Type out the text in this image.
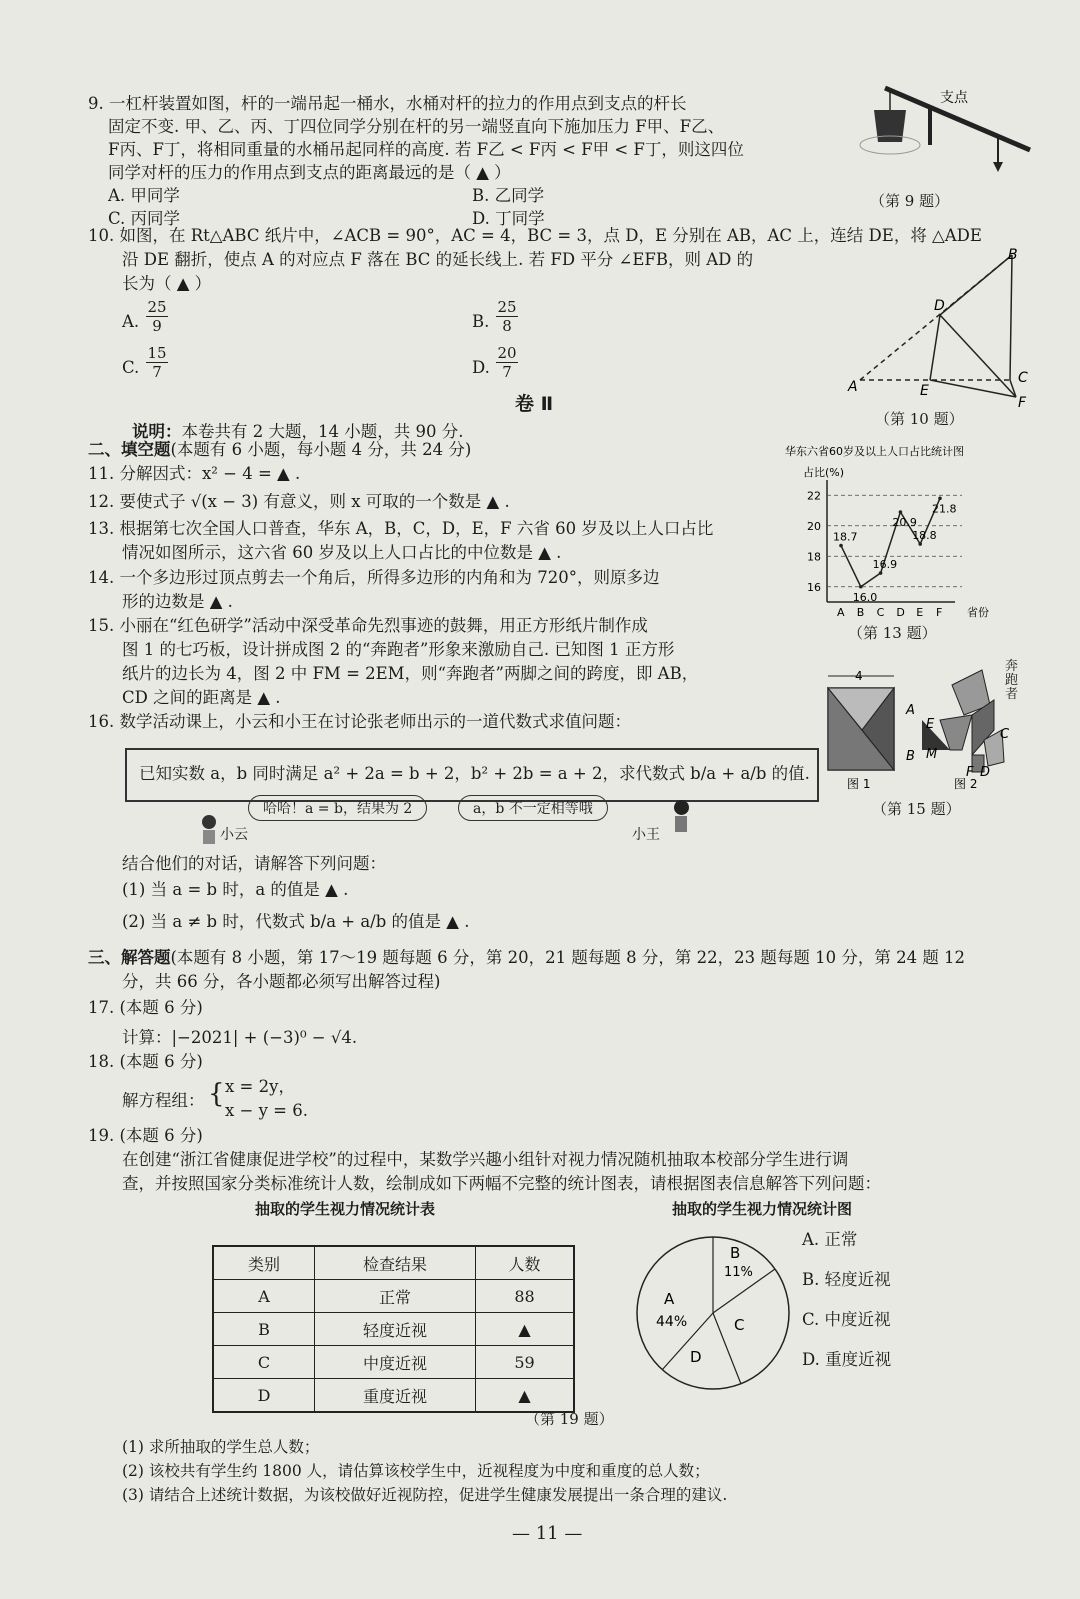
9. 一杠杆装置如图，杆的一端吊起一桶水，水桶对杆的拉力的作用点到支点的杆长
固定不变. 甲、乙、丙、丁四位同学分别在杆的另一端竖直向下施加压力 F甲、F乙、
F丙、F丁，将相同重量的水桶吊起同样的高度. 若 F乙 < F丙 < F甲 < F丁，则这四位
同学对杆的压力的作用点到支点的距离最远的是（ ▲ ）
A. 甲同学	B. 乙同学
C. 丙同学	D. 丁同学
支点
（第 9 题）
10. 如图，在 Rt△ABC 纸片中，∠ACB = 90°，AC = 4，BC = 3，点 D，E 分别在 AB，AC 上，连结 DE，将 △ADE
沿 DE 翻折，使点 A 的对应点 F 落在 BC 的延长线上. 若 FD 平分 ∠EFB，则 AD 的
长为（ ▲ ）
A. $\frac{25}{9}$	B. $\frac{25}{8}$
C. $\frac{15}{7}$	D. $\frac{20}{7}$
A
B
C
D
E
F
（第 10 题）
卷 Ⅱ
说明：本卷共有 2 大题，14 小题，共 90 分.
二、填空题(本题有 6 小题，每小题 4 分，共 24 分)
11. 分解因式：x² − 4 = ▲ .
12. 要使式子 √(x − 3) 有意义，则 x 可取的一个数是 ▲ .
13. 根据第七次全国人口普查，华东 A，B，C，D，E，F 六省 60 岁及以上人口占比
情况如图所示，这六省 60 岁及以上人口占比的中位数是 ▲ .
华东六省60岁及以上人口占比统计图
占比(%)
16
18
20
22
A B C D E F
18.7
16.0
16.9
20.9
18.8
21.8
省份
（第 13 题）
14. 一个多边形过顶点剪去一个角后，所得多边形的内角和为 720°，则原多边
形的边数是 ▲ .
15. 小丽在“红色研学”活动中深受革命先烈事迹的鼓舞，用正方形纸片制作成
图 1 的七巧板，设计拼成图 2 的“奔跑者”形象来激励自己. 已知图 1 正方形
纸片的边长为 4，图 2 中 FM = 2EM，则“奔跑者”两脚之间的跨度，即 AB，
CD 之间的距离是 ▲ .
4
图 1
A
B
C
D
E
F
M
图 2
奔跑者
（第 15 题）
16. 数学活动课上，小云和小王在讨论张老师出示的一道代数式求值问题：
已知实数 a，b 同时满足 a² + 2a = b + 2，b² + 2b = a + 2，求代数式 b/a + a/b 的值.
小云
哈哈！a = b，结果为 2	a，b 不一定相等哦
小王
结合他们的对话，请解答下列问题：
(1) 当 a = b 时，a 的值是 ▲ .
(2) 当 a ≠ b 时，代数式 b/a + a/b 的值是 ▲ .
三、解答题(本题有 8 小题，第 17～19 题每题 6 分，第 20，21 题每题 8 分，第 22，23 题每题 10 分，第 24 题 12
分，共 66 分，各小题都必须写出解答过程)
17. (本题 6 分)
计算：|−2021| + (−3)⁰ − √4.
18. (本题 6 分)
解方程组： { x = 2y，
x − y = 6.
19. (本题 6 分)
在创建“浙江省健康促进学校”的过程中，某数学兴趣小组针对视力情况随机抽取本校部分学生进行调
查，并按照国家分类标准统计人数，绘制成如下两幅不完整的统计图表，请根据图表信息解答下列问题：
抽取的学生视力情况统计表
类别	检查结果	人数
A	正常	88
B	轻度近视	▲
C	中度近视	59
D	重度近视	▲
抽取的学生视力情况统计图
A
44%
B
11%
C
D
A. 正常
B. 轻度近视
C. 中度近视
D. 重度近视
（第 19 题）
(1) 求所抽取的学生总人数；
(2) 该校共有学生约 1800 人，请估算该校学生中，近视程度为中度和重度的总人数；
(3) 请结合上述统计数据，为该校做好近视防控，促进学生健康发展提出一条合理的建议.
— 11 —
